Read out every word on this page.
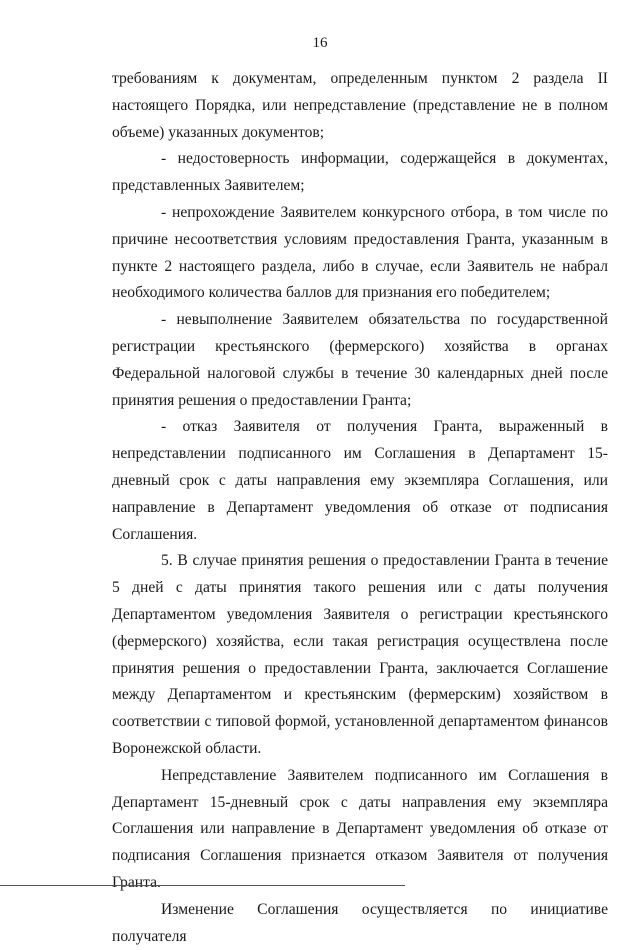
16

требованиям к документам, определенным пунктом 2 раздела II настоящего Порядка, или непредставление (представление не в полном объеме) указанных документов;

- недостоверность информации, содержащейся в документах, представленных Заявителем;

- непрохождение Заявителем конкурсного отбора, в том числе по причине несоответствия условиям предоставления Гранта, указанным в пункте 2 настоящего раздела, либо в случае, если Заявитель не набрал необходимого количества баллов для признания его победителем;

- невыполнение Заявителем обязательства по государственной регистрации крестьянского (фермерского) хозяйства в органах Федеральной налоговой службы в течение 30 календарных дней после принятия решения о предоставлении Гранта;

- отказ Заявителя от получения Гранта, выраженный в непредставлении подписанного им Соглашения в Департамент 15-дневный срок с даты направления ему экземпляра Соглашения, или направление в Департамент уведомления об отказе от подписания Соглашения.

5. В случае принятия решения о предоставлении Гранта в течение 5 дней с даты принятия такого решения или с даты получения Департаментом уведомления Заявителя о регистрации крестьянского (фермерского) хозяйства, если такая регистрация осуществлена после принятия решения о предоставлении Гранта, заключается Соглашение между Департаментом и крестьянским (фермерским) хозяйством в соответствии с типовой формой, установленной департаментом финансов Воронежской области.

Непредставление Заявителем подписанного им Соглашения в Департамент 15-дневный срок с даты направления ему экземпляра Соглашения или направление в Департамент уведомления об отказе от подписания Соглашения признается отказом Заявителя от получения Гранта.

Изменение Соглашения осуществляется по инициативе получателя
